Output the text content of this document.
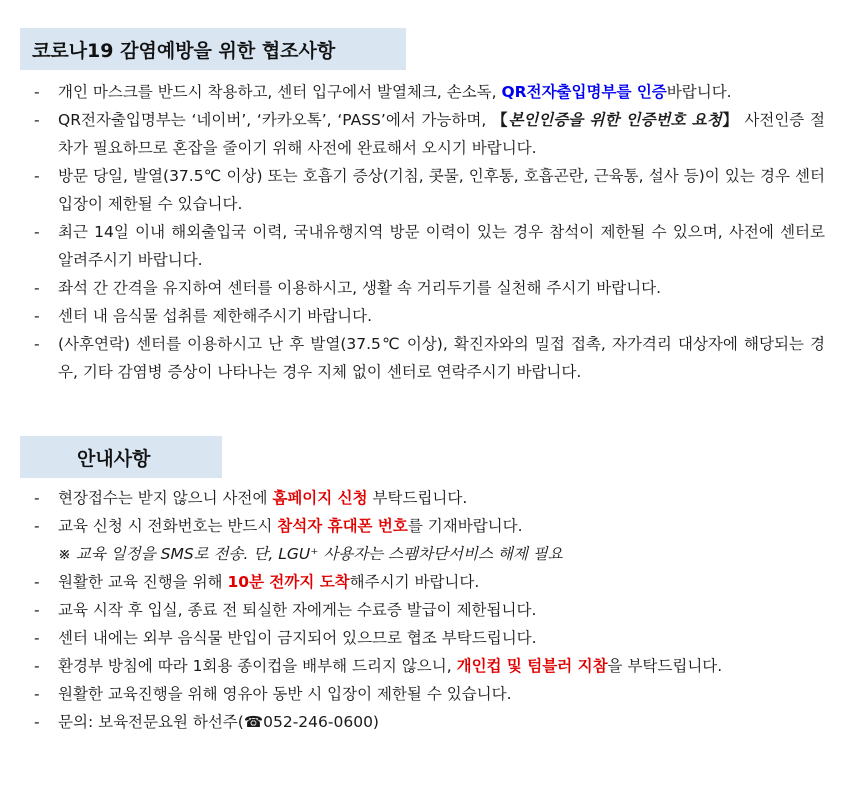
코로나19 감염예방을 위한 협조사항
- 개인 마스크를 반드시 착용하고, 센터 입구에서 발열체크, 손소독, QR전자출입명부를 인증바랍니다.
- QR전자출입명부는 ‘네이버’, ‘카카오톡’, ‘PASS’에서 가능하며, 【본인인증을 위한 인증번호 요청】 사전인증 절차가 필요하므로 혼잡을 줄이기 위해 사전에 완료해서 오시기 바랍니다.
- 방문 당일, 발열(37.5℃ 이상) 또는 호흡기 증상(기침, 콧물, 인후통, 호흡곤란, 근육통, 설사 등)이 있는 경우 센터 입장이 제한될 수 있습니다.
- 최근 14일 이내 해외출입국 이력, 국내유행지역 방문 이력이 있는 경우 참석이 제한될 수 있으며, 사전에 센터로 알려주시기 바랍니다.
- 좌석 간 간격을 유지하여 센터를 이용하시고, 생활 속 거리두기를 실천해 주시기 바랍니다.
- 센터 내 음식물 섭취를 제한해주시기 바랍니다.
- (사후연락) 센터를 이용하시고 난 후 발열(37.5℃ 이상), 확진자와의 밀접 접촉, 자가격리 대상자에 해당되는 경우, 기타 감염병 증상이 나타나는 경우 지체 없이 센터로 연락주시기 바랍니다.
안내사항
- 현장접수는 받지 않으니 사전에 홈페이지 신청 부탁드립니다.
- 교육 신청 시 전화번호는 반드시 참석자 휴대폰 번호를 기재바랍니다.
※ 교육 일정을 SMS로 전송. 단, LGU⁺ 사용자는 스팸차단서비스 해제 필요
- 원활한 교육 진행을 위해 10분 전까지 도착해주시기 바랍니다.
- 교육 시작 후 입실, 종료 전 퇴실한 자에게는 수료증 발급이 제한됩니다.
- 센터 내에는 외부 음식물 반입이 금지되어 있으므로 협조 부탁드립니다.
- 환경부 방침에 따라 1회용 종이컵을 배부해 드리지 않으니, 개인컵 및 텀블러 지참을 부탁드립니다.
- 원활한 교육진행을 위해 영유아 동반 시 입장이 제한될 수 있습니다.
- 문의: 보육전문요원 하선주(☎052-246-0600)
